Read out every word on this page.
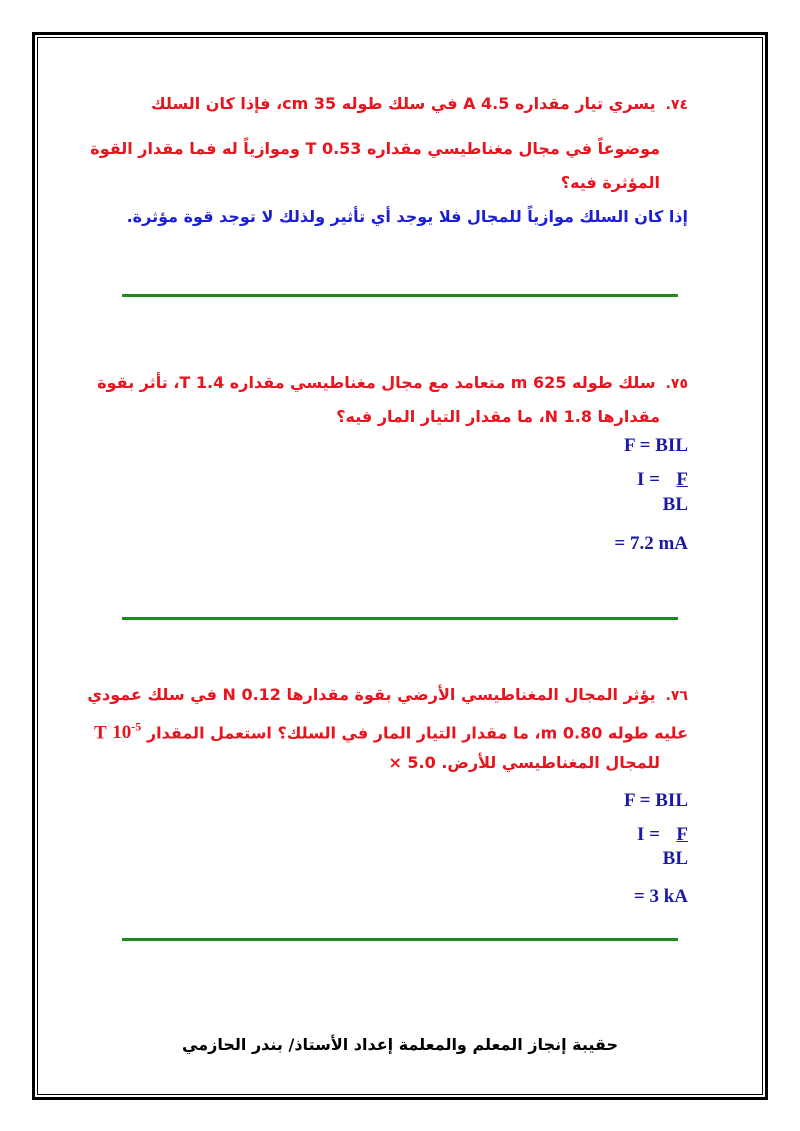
٧٤.يسري تيار مقداره A 4.5 في سلك طوله 35 cm، فإذا كان السلك
موضوعاً في مجال مغناطيسي مقداره T 0.53 وموازياً له فما مقدار القوة
المؤثرة فيه؟
إذا كان السلك موازياً للمجال فلا يوجد أي تأثير ولذلك لا توجد قوة مؤثرة.
٧٥.سلك طوله 625 m متعامد مع مجال مغناطيسي مقداره T 1.4، تأثر بقوة
مقدارها N 1.8، ما مقدار التيار المار فيه؟
F = BIL
I = F
BL
= 7.2 mA
٧٦.يؤثر المجال المغناطيسي الأرضي بقوة مقدارها N 0.12 في سلك عمودي
عليه طوله 0.80 m، ما مقدار التيار المار في السلك؟ استعمل المقدار T $10^{-5}$
للمجال المغناطيسي للأرض. × 5.0
F = BIL
I = F
BL
= 3 kA
حقيبة إنجاز المعلم والمعلمة إعداد الأستاذ/ بندر الحازمي
